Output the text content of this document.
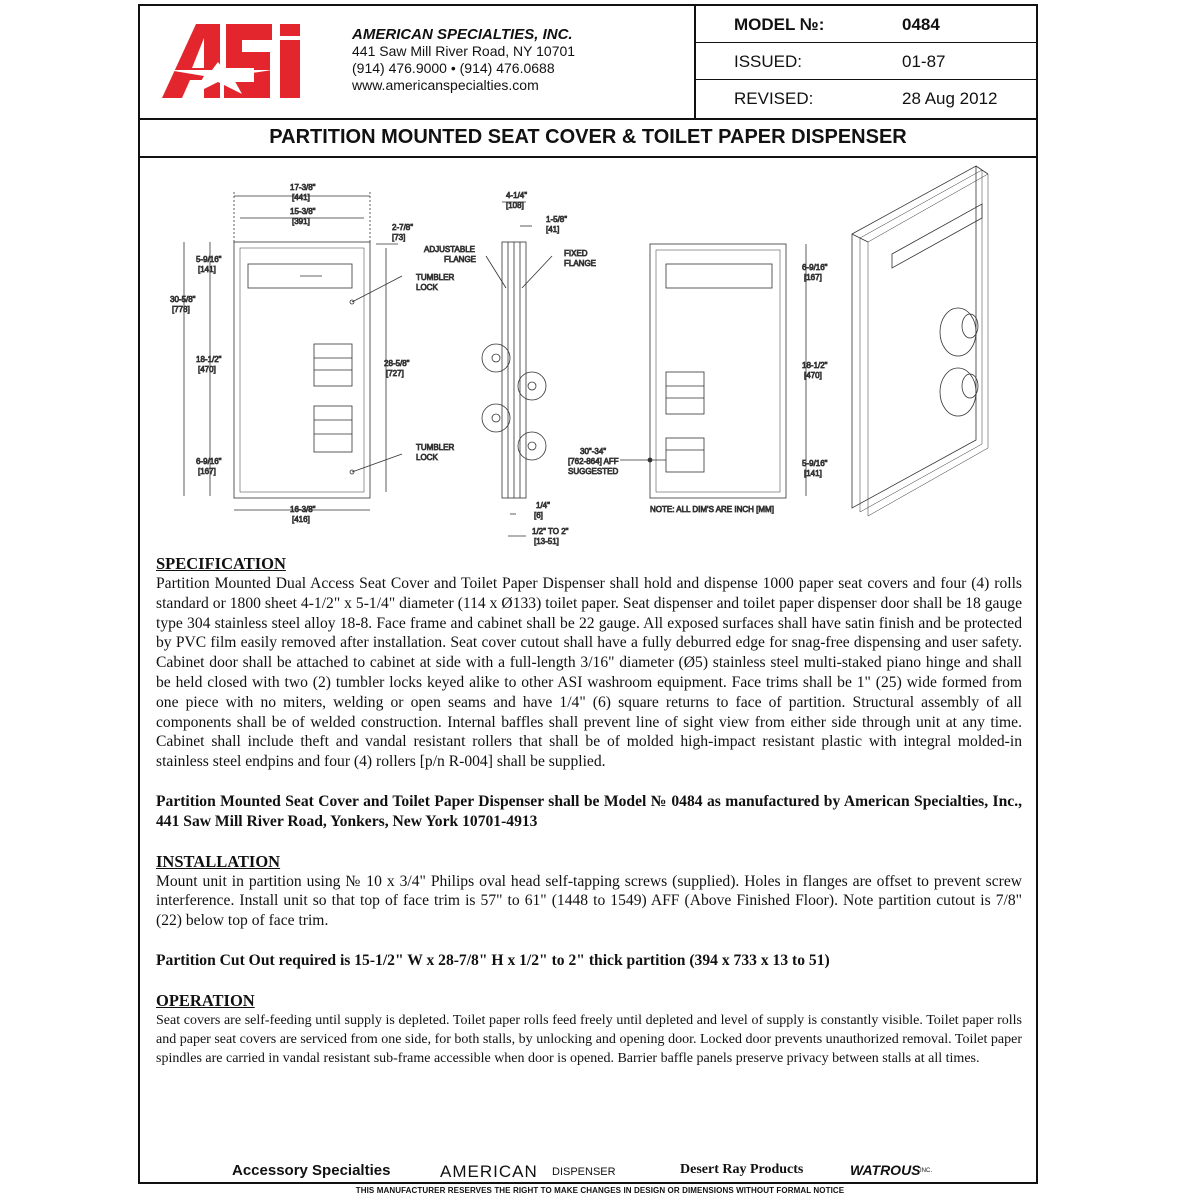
AMERICAN SPECIALTIES, INC.
441 Saw Mill River Road, NY 10701
(914) 476.9000 • (914) 476.0688
www.americanspecialties.com
MODEL №:	0484
ISSUED:	01-87
REVISED:	28 Aug 2012
PARTITION MOUNTED SEAT COVER & TOILET PAPER DISPENSER
17-3/8"
[441]
15-3/8"
[391]
2-7/8"
[73]
5-9/16"
[141]
30-5/8"
[778]
18-1/2"
[470]
6-9/16"
[167]
28-5/8"
[727]
16-3/8"
[416]
TUMBLER
LOCK
TUMBLER
LOCK
4-1/4"
[108]
1-5/8"
[41]
ADJUSTABLE
FLANGE
FIXED
FLANGE
1/4"
[6]
1/2" TO 2"
[13-51]
6-9/16"
[167]
18-1/2"
[470]
5-9/16"
[141]
30"-34"
[762-864] AFF
SUGGESTED
NOTE: ALL DIM'S ARE INCH [MM]
SPECIFICATION

Partition Mounted Dual Access Seat Cover and Toilet Paper Dispenser shall hold and dispense 1000 paper seat covers and four (4) rolls standard or 1800 sheet 4-1/2" x 5-1/4" diameter (114 x Ø133) toilet paper. Seat dispenser and toilet paper dispenser door shall be 18 gauge type 304 stainless steel alloy 18-8. Face frame and cabinet shall be 22 gauge. All exposed surfaces shall have satin finish and be protected by PVC film easily removed after installation. Seat cover cutout shall have a fully deburred edge for snag-free dispensing and user safety. Cabinet door shall be attached to cabinet at side with a full-length 3/16" diameter (Ø5) stainless steel multi-staked piano hinge and shall be held closed with two (2) tumbler locks keyed alike to other ASI washroom equipment. Face trims shall be 1" (25) wide formed from one piece with no miters, welding or open seams and have 1/4" (6) square returns to face of partition. Structural assembly of all components shall be of welded construction. Internal baffles shall prevent line of sight view from either side through unit at any time. Cabinet shall include theft and vandal resistant rollers that shall be of molded high-impact resistant plastic with integral molded-in stainless steel endpins and four (4) rollers [p/n R-004] shall be supplied.

Partition Mounted Seat Cover and Toilet Paper Dispenser shall be Model № 0484 as manufactured by American Specialties, Inc., 441 Saw Mill River Road, Yonkers, New York 10701-4913

INSTALLATION

Mount unit in partition using № 10 x 3/4" Philips oval head self-tapping screws (supplied). Holes in flanges are offset to prevent screw interference. Install unit so that top of face trim is 57" to 61" (1448 to 1549) AFF (Above Finished Floor). Note partition cutout is 7/8" (22) below top of face trim.

Partition Cut Out required is 15-1/2" W x 28-7/8" H x 1/2" to 2" thick partition (394 x 733 x 13 to 51)

OPERATION

Seat covers are self-feeding until supply is depleted. Toilet paper rolls feed freely until depleted and level of supply is constantly visible. Toilet paper rolls and paper seat covers are serviced from one side, for both stalls, by unlocking and opening door. Locked door prevents unauthorized removal. Toilet paper spindles are carried in vandal resistant sub-frame accessible when door is opened. Barrier baffle panels preserve privacy between stalls at all times.

Accessory Specialties	AMERICAN DISPENSER	Desert Ray Products	WATROUS INC.
THIS MANUFACTURER RESERVES THE RIGHT TO MAKE CHANGES IN DESIGN OR DIMENSIONS WITHOUT FORMAL NOTICE
